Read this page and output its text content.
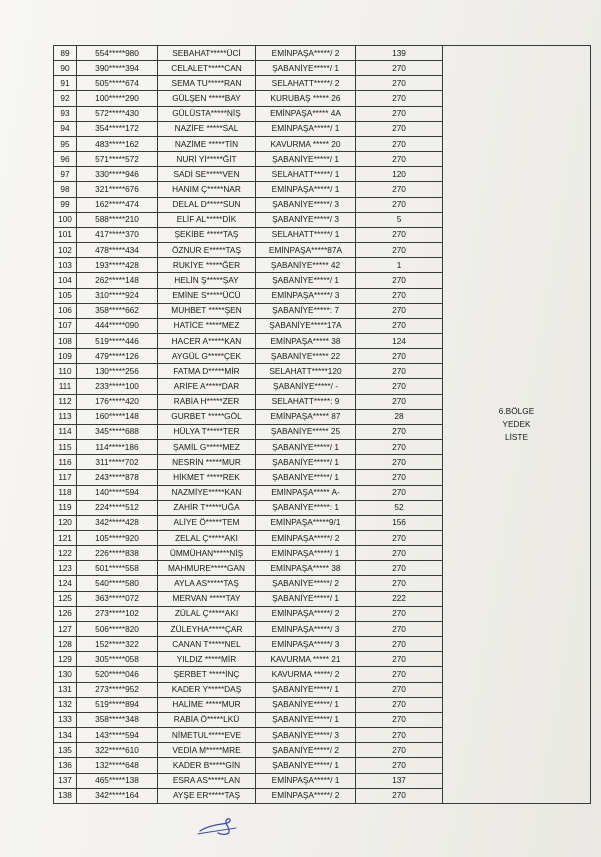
89	554*****980	SEBAHAT*****ÜCİ	EMİNPAŞA*****/ 2	139	6.BÖLGE
YEDEK
LİSTE

90	390*****394	CELALET*****CAN	ŞABANİYE*****/ 1	270	
91	505*****674	SEMA TU*****RAN	SELAHATT*****/ 2	270	
92	100*****290	GÜLŞEN *****BAY	KURUBAŞ ***** 26	270	
93	572*****430	GÜLÜSTA*****NİŞ	EMİNPAŞA***** 4A	270	
94	354*****172	NAZİFE *****SAL	EMİNPAŞA*****/ 1	270	
95	483*****162	NAZİME *****TİN	KAVURMA ***** 20	270	
96	571*****572	NURİ Yİ*****ĞİT	ŞABANİYE*****/ 1	270	
97	330*****946	SADİ SE*****VEN	SELAHATT*****/ 1	120	
98	321*****676	HANIM Ç*****NAR	EMİNPAŞA*****/ 1	270	
99	162*****474	DELAL D*****SUN	ŞABANİYE*****/ 3	270	
100	588*****210	ELİF AL*****DİK	ŞABANİYE*****/ 3	5	
101	417*****370	ŞEKİBE *****TAŞ	SELAHATT*****/ 1	270	
102	478*****434	ÖZNUR E*****TAŞ	EMİNPAŞA*****87A	270	
103	193*****428	RUKİYE *****ĞER	ŞABANİYE***** 42	1	
104	262*****148	HELİN Ş*****ŞAY	ŞABANİYE*****/ 1	270	
105	310*****924	EMİNE S*****ÜCÜ	EMİNPAŞA*****/ 3	270	
106	358*****662	MUHBET *****ŞEN	ŞABANİYE*****: 7	270	
107	444*****090	HATİCE *****MEZ	ŞABANİYE*****17A	270	
108	519*****446	HACER A*****KAN	EMİNPAŞA***** 38	124	
109	479*****126	AYGÜL G*****ÇEK	ŞABANİYE***** 22	270	
110	130*****256	FATMA D*****MİR	SELAHATT*****120	270	
111	233*****100	ARİFE A*****DAR	ŞABANİYE*****/ -	270	
112	176*****420	RABİA H*****ZER	SELAHATT*****: 9	270	
113	160*****148	GURBET *****GÖL	EMİNPAŞA***** 87	28	
114	345*****688	HÜLYA T*****TER	ŞABANİYE***** 25	270	
115	114*****186	ŞAMİL G*****MEZ	ŞABANİYE*****/ 1	270	
116	311*****702	NESRİN *****MUR	ŞABANİYE*****/ 1	270	
117	243*****878	HİKMET *****REK	ŞABANİYE*****/ 1	270	
118	140*****594	NAZMİYE*****KAN	EMİNPAŞA***** A-	270	
119	224*****512	ZAHİR T*****UĞA	ŞABANİYE*****: 1	52	
120	342*****428	ALİYE Ö*****TEM	EMİNPAŞA*****9/1	156	
121	105*****920	ZELAL Ç*****AKI	EMİNPAŞA*****/ 2	270	
122	226*****838	ÜMMÜHAN*****NİŞ	EMİNPAŞA*****/ 1	270	
123	501*****558	MAHMURE*****GAN	EMİNPAŞA***** 38	270	
124	540*****580	AYLA AS*****TAŞ	ŞABANİYE*****/ 2	270	
125	363*****072	MERVAN *****TAY	ŞABANİYE*****/ 1	222	
126	273*****102	ZÜLAL Ç*****AKI	EMİNPAŞA*****/ 2	270	
127	506*****820	ZÜLEYHA*****ÇAR	EMİNPAŞA*****/ 3	270	
128	152*****322	CANAN T*****NEL	EMİNPAŞA*****/ 3	270	
129	305*****058	YILDIZ *****MİR	KAVURMA ***** 21	270	
130	520*****046	ŞERBET *****İNÇ	KAVURMA *****/ 2	270	
131	273*****952	KADER Y*****DAŞ	ŞABANİYE*****/ 1	270	
132	519*****894	HALİME *****MUR	ŞABANİYE*****/ 1	270	
133	358*****348	RABİA Ö*****LKÜ	ŞABANİYE*****/ 1	270	
134	143*****594	NİMETUL*****EVE	ŞABANİYE*****/ 3	270	
135	322*****610	VEDİA M*****MRE	ŞABANİYE*****/ 2	270	
136	132*****648	KADER B*****GİN	ŞABANİYE*****/ 1	270	
137	465*****138	ESRA AS*****LAN	EMİNPAŞA*****/ 1	137	
138	342*****164	AYŞE ER*****TAŞ	EMİNPAŞA*****/ 2	270	
